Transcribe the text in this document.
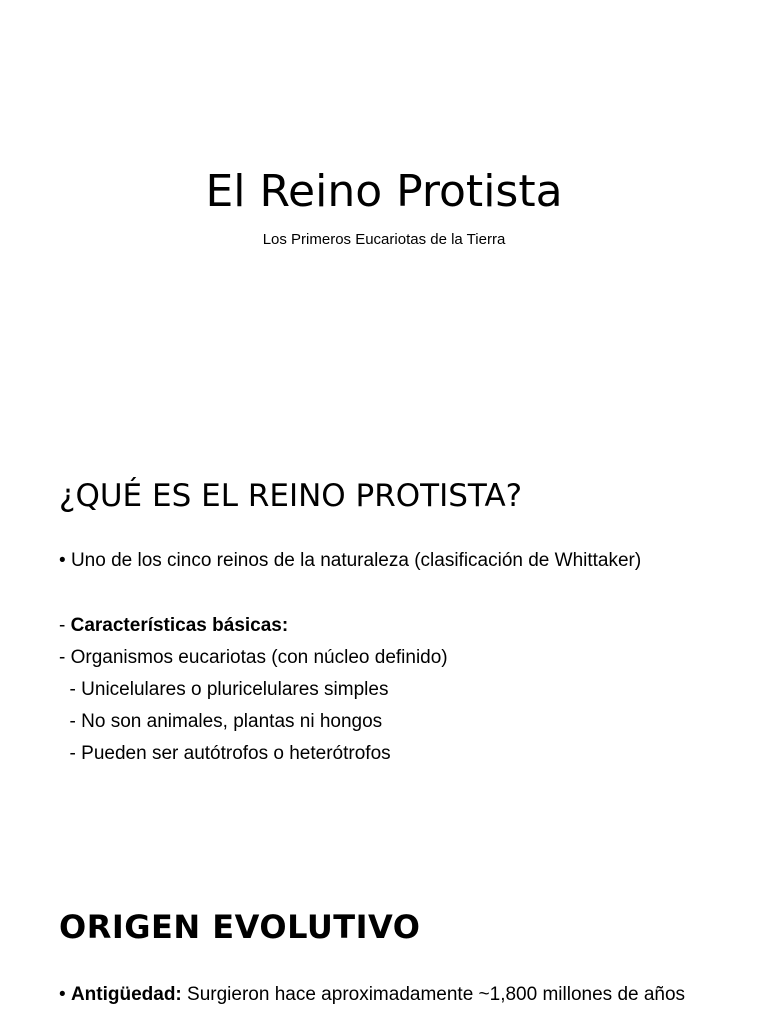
El Reino Protista

Los Primeros Eucariotas de la Tierra

¿QUÉ ES EL REINO PROTISTA?

• Uno de los cinco reinos de la naturaleza (clasificación de Whittaker)

- Características básicas:

- Organismos eucariotas (con núcleo definido)

- Unicelulares o pluricelulares simples

- No son animales, plantas ni hongos

- Pueden ser autótrofos o heterótrofos

ORIGEN EVOLUTIVO

• Antigüedad: Surgieron hace aproximadamente ~1,800 millones de años
